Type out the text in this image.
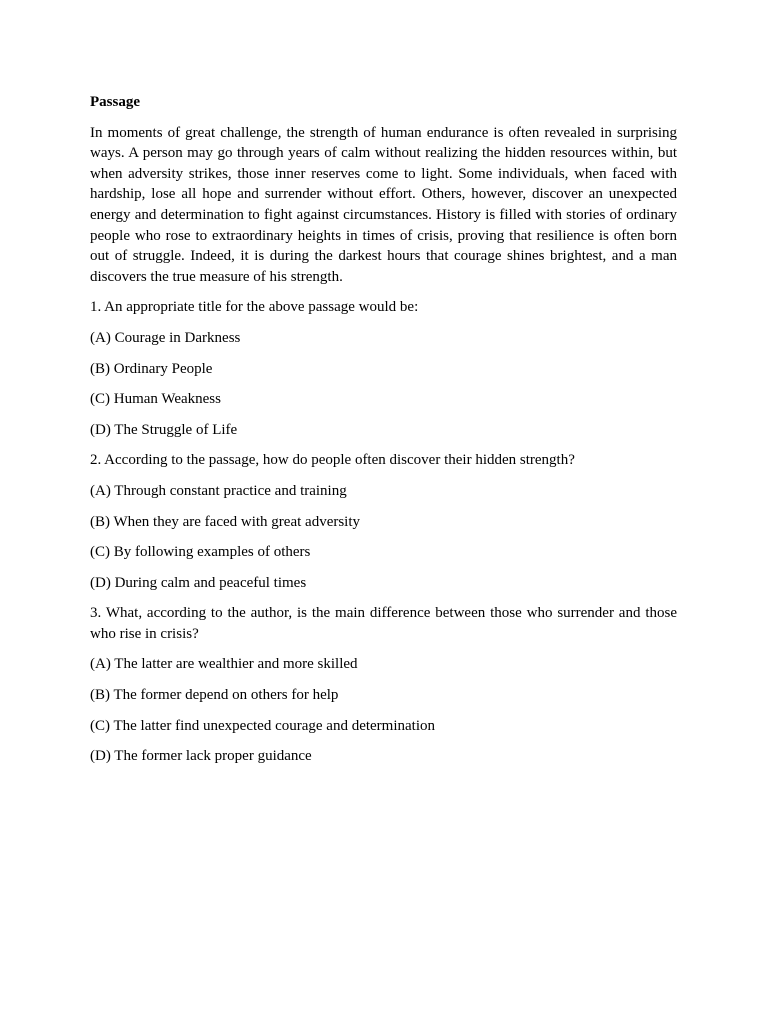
Passage
In moments of great challenge, the strength of human endurance is often revealed in surprising ways. A person may go through years of calm without realizing the hidden resources within, but when adversity strikes, those inner reserves come to light. Some individuals, when faced with hardship, lose all hope and surrender without effort. Others, however, discover an unexpected energy and determination to fight against circumstances. History is filled with stories of ordinary people who rose to extraordinary heights in times of crisis, proving that resilience is often born out of struggle. Indeed, it is during the darkest hours that courage shines brightest, and a man discovers the true measure of his strength.
1. An appropriate title for the above passage would be:
(A) Courage in Darkness
(B) Ordinary People
(C) Human Weakness
(D) The Struggle of Life
2. According to the passage, how do people often discover their hidden strength?
(A) Through constant practice and training
(B) When they are faced with great adversity
(C) By following examples of others
(D) During calm and peaceful times
3. What, according to the author, is the main difference between those who surrender and those who rise in crisis?
(A) The latter are wealthier and more skilled
(B) The former depend on others for help
(C) The latter find unexpected courage and determination
(D) The former lack proper guidance
